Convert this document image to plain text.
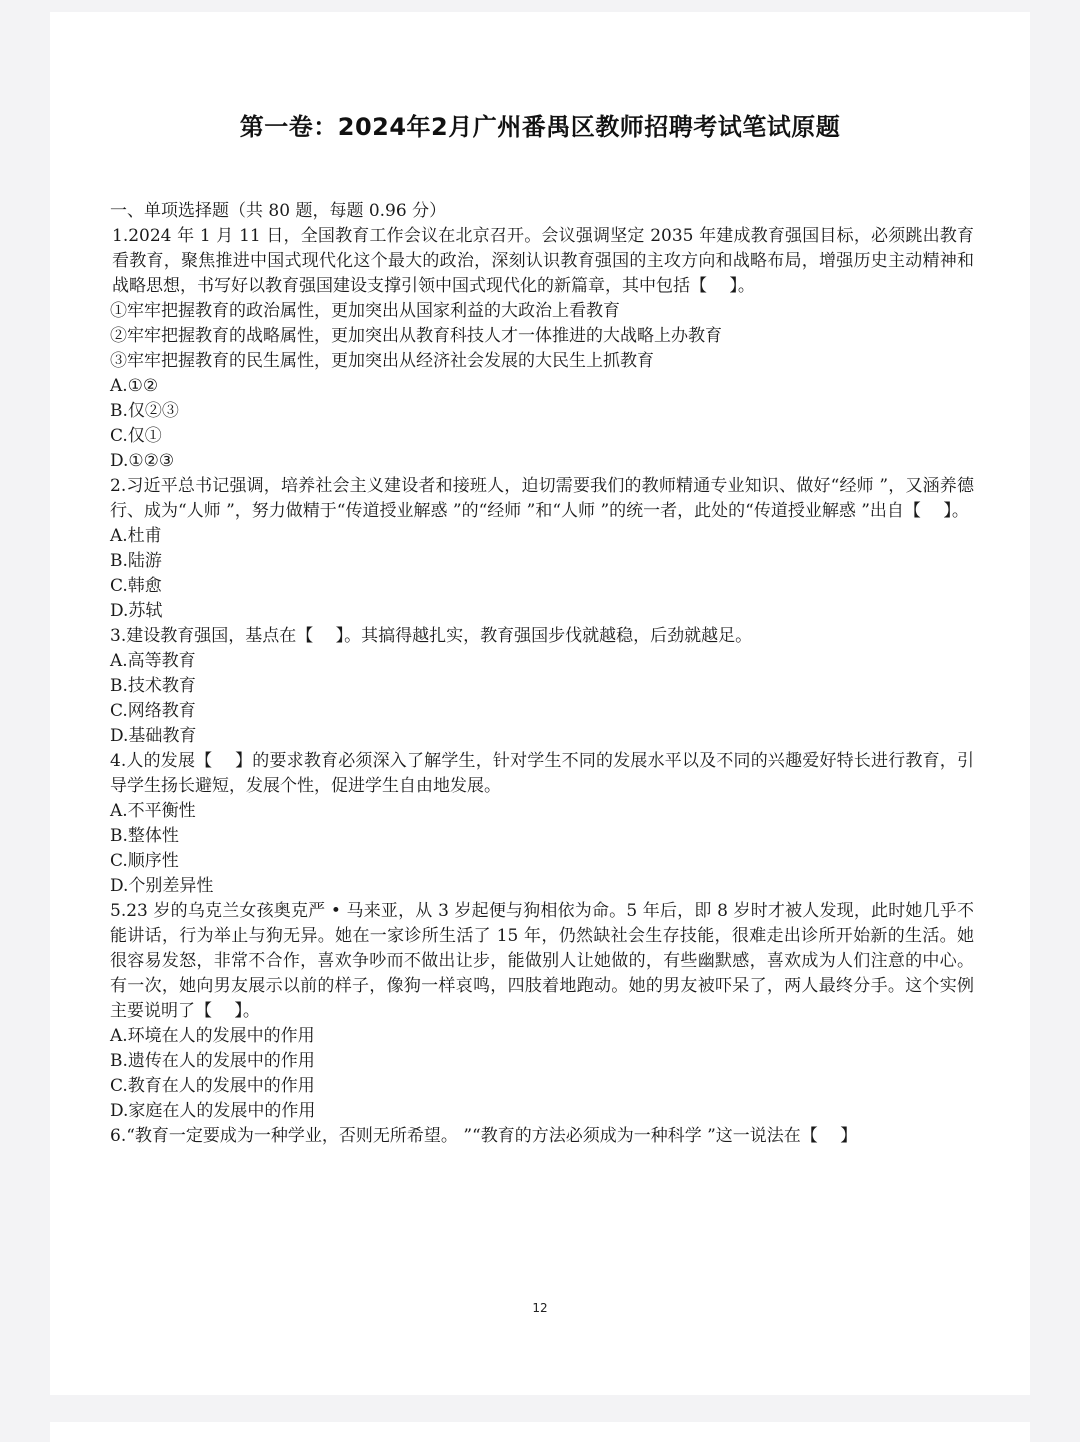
第一卷：2024年2月广州番禺区教师招聘考试笔试原题

一、单项选择题（共 80 题，每题 0.96 分）

1.2024 年 1 月 11 日，全国教育工作会议在北京召开。会议强调坚定 2035 年建成教育强国目标，必须跳出教育看教育，聚焦推进中国式现代化这个最大的政治，深刻认识教育强国的主攻方向和战略布局，增强历史主动精神和战略思想，书写好以教育强国建设支撑引领中国式现代化的新篇章，其中包括【　 】。

①牢牢把握教育的政治属性，更加突出从国家利益的大政治上看教育

②牢牢把握教育的战略属性，更加突出从教育科技人才一体推进的大战略上办教育

③牢牢把握教育的民生属性，更加突出从经济社会发展的大民生上抓教育

A.①②

B.仅②③

C.仅①

D.①②③

2.习近平总书记强调，培养社会主义建设者和接班人，迫切需要我们的教师精通专业知识、做好“经师 ”，又涵养德行、成为“人师 ”，努力做精于“传道授业解惑 ”的“经师 ”和“人师 ”的统一者，此处的“传道授业解惑 ”出自【　 】。

A.杜甫

B.陆游

C.韩愈

D.苏轼

3.建设教育强国，基点在【　 】。其搞得越扎实，教育强国步伐就越稳，后劲就越足。

A.高等教育

B.技术教育

C.网络教育

D.基础教育

4.人的发展【　 】的要求教育必须深入了解学生，针对学生不同的发展水平以及不同的兴趣爱好特长进行教育，引导学生扬长避短，发展个性，促进学生自由地发展。

A.不平衡性

B.整体性

C.顺序性

D.个别差异性

5.23 岁的乌克兰女孩奥克严 • 马来亚，从 3 岁起便与狗相依为命。5 年后，即 8 岁时才被人发现，此时她几乎不能讲话，行为举止与狗无异。她在一家诊所生活了 15 年，仍然缺社会生存技能，很难走出诊所开始新的生活。她很容易发怒，非常不合作，喜欢争吵而不做出让步，能做别人让她做的，有些幽默感，喜欢成为人们注意的中心。有一次，她向男友展示以前的样子，像狗一样哀鸣，四肢着地跑动。她的男友被吓呆了，两人最终分手。这个实例主要说明了【　 】。

A.环境在人的发展中的作用

B.遗传在人的发展中的作用

C.教育在人的发展中的作用

D.家庭在人的发展中的作用

6.“教育一定要成为一种学业，否则无所希望。 ”“教育的方法必须成为一种科学 ”这一说法在【　 】

12
